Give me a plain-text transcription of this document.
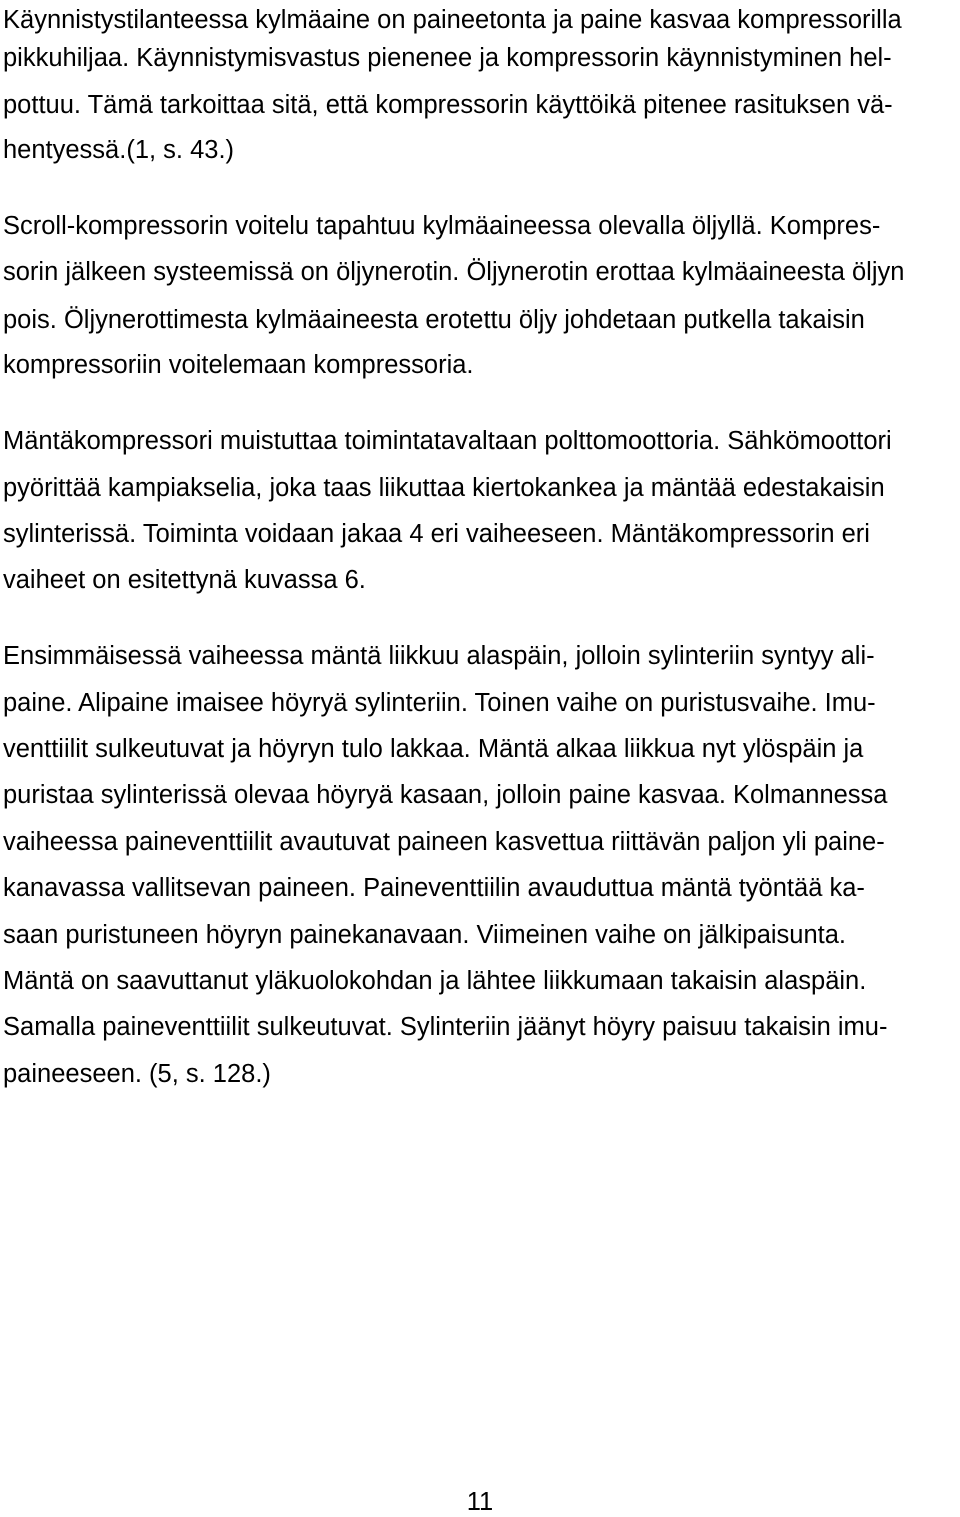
Käynnistystilanteessa kylmäaine on paineetonta ja paine kasvaa kompressorilla

pikkuhiljaa. Käynnistymisvastus pienenee ja kompressorin käynnistyminen hel-

pottuu. Tämä tarkoittaa sitä, että kompressorin käyttöikä pitenee rasituksen vä-

hentyessä.(1, s. 43.)

Scroll-kompressorin voitelu tapahtuu kylmäaineessa olevalla öljyllä. Kompres-

sorin jälkeen systeemissä on öljynerotin. Öljynerotin erottaa kylmäaineesta öljyn

pois. Öljynerottimesta kylmäaineesta erotettu öljy johdetaan putkella takaisin

kompressoriin voitelemaan kompressoria.

Mäntäkompressori muistuttaa toimintatavaltaan polttomoottoria. Sähkömoottori

pyörittää kampiakselia, joka taas liikuttaa kiertokankea ja mäntää edestakaisin

sylinterissä. Toiminta voidaan jakaa 4 eri vaiheeseen. Mäntäkompressorin eri

vaiheet on esitettynä kuvassa 6.

Ensimmäisessä vaiheessa mäntä liikkuu alaspäin, jolloin sylinteriin syntyy ali-

paine. Alipaine imaisee höyryä sylinteriin. Toinen vaihe on puristusvaihe. Imu-

venttiilit sulkeutuvat ja höyryn tulo lakkaa. Mäntä alkaa liikkua nyt ylöspäin ja

puristaa sylinterissä olevaa höyryä kasaan, jolloin paine kasvaa. Kolmannessa

vaiheessa paineventtiilit avautuvat paineen kasvettua riittävän paljon yli paine-

kanavassa vallitsevan paineen. Paineventtiilin avauduttua mäntä työntää ka-

saan puristuneen höyryn painekanavaan. Viimeinen vaihe on jälkipaisunta.

Mäntä on saavuttanut yläkuolokohdan ja lähtee liikkumaan takaisin alaspäin.

Samalla paineventtiilit sulkeutuvat. Sylinteriin jäänyt höyry paisuu takaisin imu-

paineeseen. (5, s. 128.)

11
